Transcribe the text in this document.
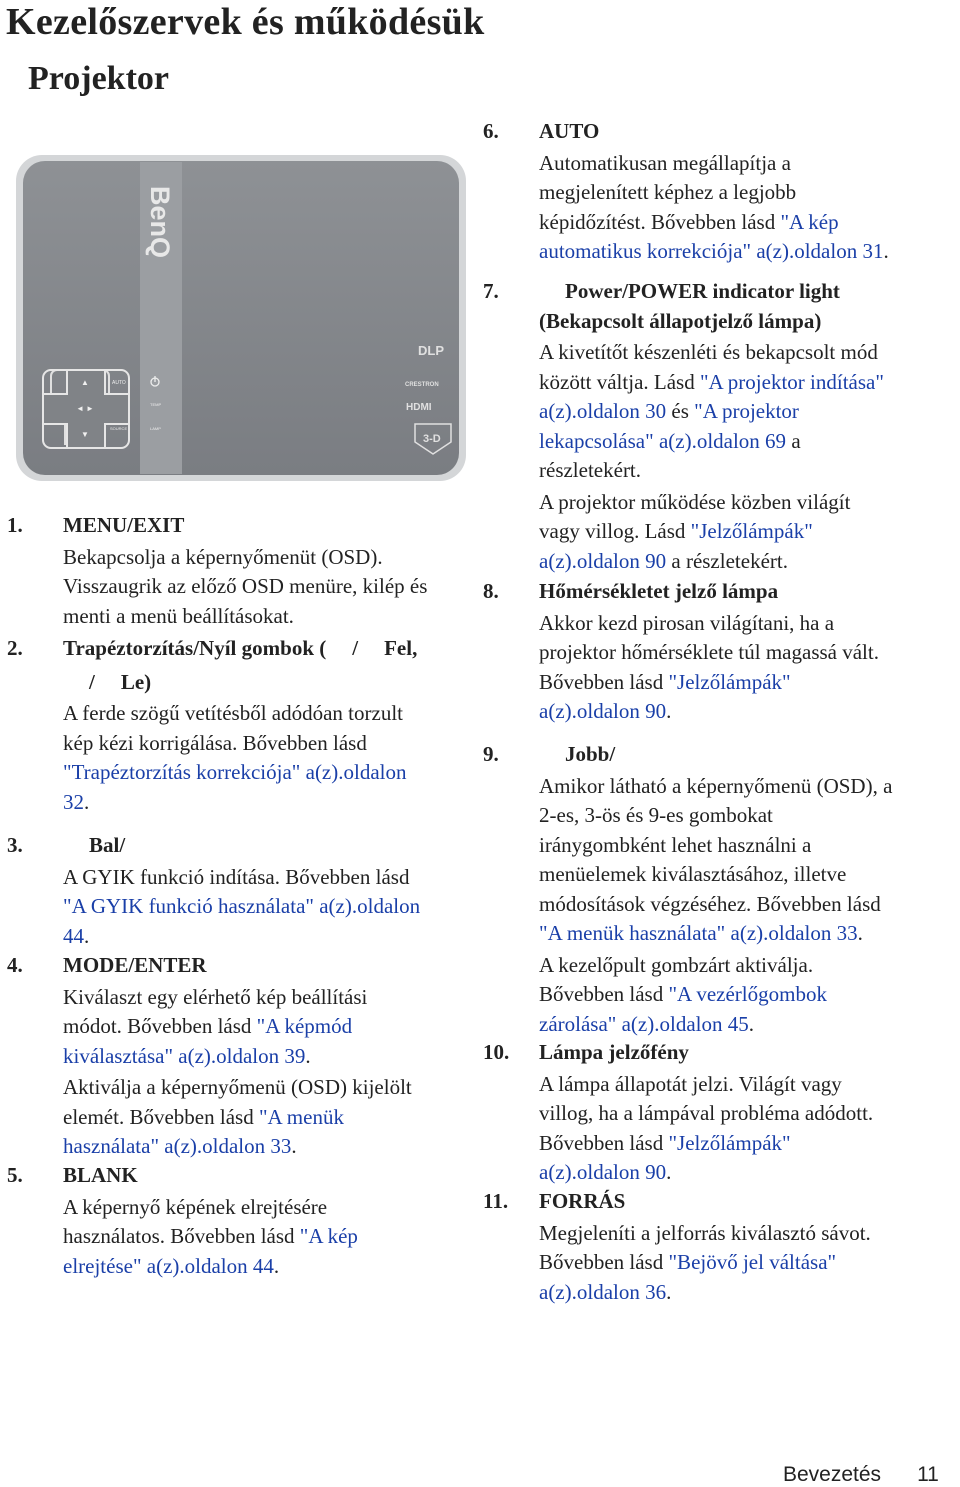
Kezelőszervek és működésük
Projektor
BenQ
▲
◄ ►
▼
AUTO
TEMP
SOURCE	LAMP
DLP
CRESTRON
HDMI
3-D
1. MENU/EXIT
Bekapcsolja a képernyőmenüt (OSD).
Visszaugrik az előző OSD menüre, kilép és
menti a menü beállításokat.
2. Trapéztorzítás/Nyíl gombok ( / Fel,
/ Le)
A ferde szögű vetítésből adódóan torzult
kép kézi korrigálása. Bővebben lásd
"Trapéztorzítás korrekciója" a(z).oldalon
32.
3.	Bal/
A GYIK funkció indítása. Bővebben lásd
"A GYIK funkció használata" a(z).oldalon
44.
4. MODE/ENTER
Kiválaszt egy elérhető kép beállítási
módot. Bővebben lásd "A képmód
kiválasztása" a(z).oldalon 39.
Aktiválja a képernyőmenü (OSD) kijelölt
elemét. Bővebben lásd "A menük
használata" a(z).oldalon 33.
5. BLANK
A képernyő képének elrejtésére
használatos. Bővebben lásd "A kép
elrejtése" a(z).oldalon 44.
6. AUTO
Automatikusan megállapítja a
megjelenített képhez a legjobb
képidőzítést. Bővebben lásd "A kép
automatikus korrekciója" a(z).oldalon 31.
7.	Power/POWER indicator light
(Bekapcsolt állapotjelző lámpa)
A kivetítőt készenléti és bekapcsolt mód
között váltja. Lásd "A projektor indítása"
a(z).oldalon 30 és "A projektor
lekapcsolása" a(z).oldalon 69 a
részletekért.
A projektor működése közben világít
vagy villog. Lásd "Jelzőlámpák"
a(z).oldalon 90 a részletekért.
8. Hőmérsékletet jelző lámpa
Akkor kezd pirosan világítani, ha a
projektor hőmérséklete túl magassá vált.
Bővebben lásd "Jelzőlámpák"
a(z).oldalon 90.
9.	Jobb/
Amikor látható a képernyőmenü (OSD), a
2-es, 3-ös és 9-es gombokat
iránygombként lehet használni a
menüelemek kiválasztásához, illetve
módosítások végzéséhez. Bővebben lásd
"A menük használata" a(z).oldalon 33.
A kezelőpult gombzárt aktiválja.
Bővebben lásd "A vezérlőgombok
zárolása" a(z).oldalon 45.
10. Lámpa jelzőfény
A lámpa állapotát jelzi. Világít vagy
villog, ha a lámpával probléma adódott.
Bővebben lásd "Jelzőlámpák"
a(z).oldalon 90.
11. FORRÁS
Megjeleníti a jelforrás kiválasztó sávot.
Bővebben lásd "Bejövő jel váltása"
a(z).oldalon 36.
Bevezetés 11
